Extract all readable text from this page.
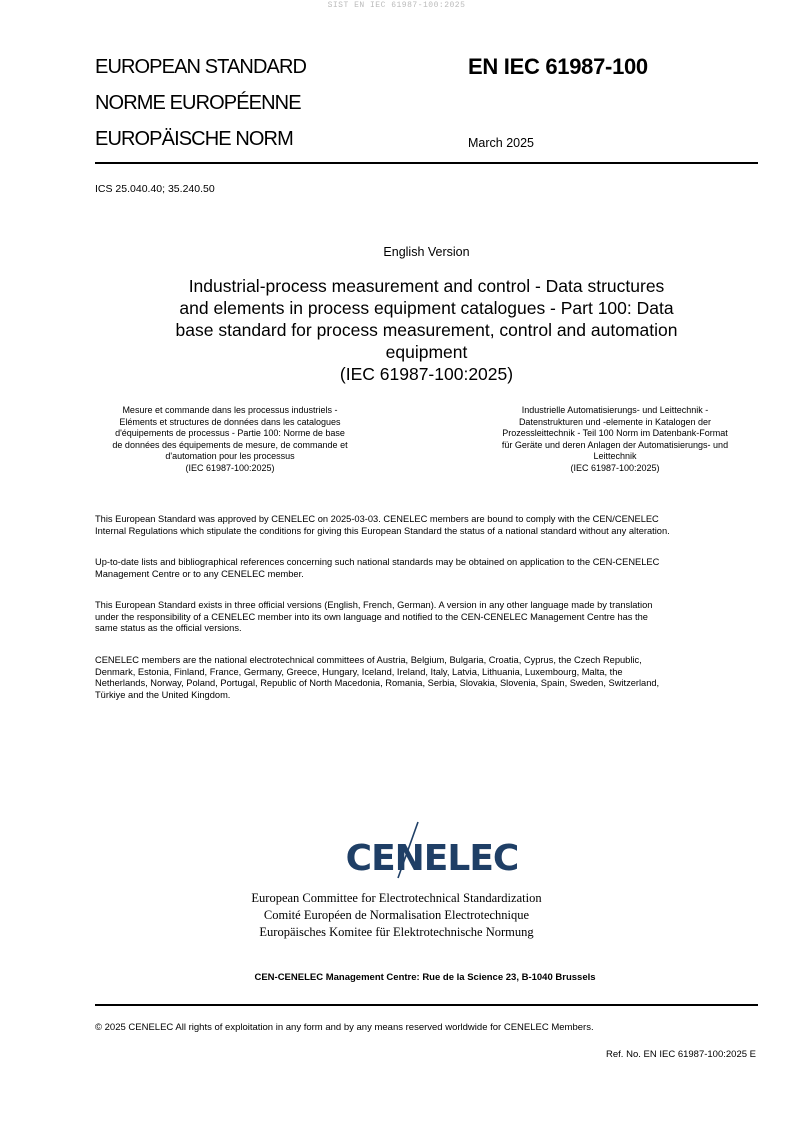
SIST EN IEC 61987-100:2025
EUROPEAN STANDARD
NORME EUROPÉENNE
EUROPÄISCHE NORM
EN IEC 61987-100
March 2025
ICS 25.040.40; 35.240.50
English Version
Industrial-process measurement and control - Data structures
and elements in process equipment catalogues - Part 100: Data
base standard for process measurement, control and automation
equipment
(IEC 61987-100:2025)
Mesure et commande dans les processus industriels -
Eléments et structures de données dans les catalogues
d'équipements de processus - Partie 100: Norme de base
de données des équipements de mesure, de commande et
d'automation pour les processus
(IEC 61987-100:2025)
Industrielle Automatisierungs- und Leittechnik -
Datenstrukturen und -elemente in Katalogen der
Prozessleittechnik - Teil 100 Norm im Datenbank-Format
für Geräte und deren Anlagen der Automatisierungs- und
Leittechnik
(IEC 61987-100:2025)
This European Standard was approved by CENELEC on 2025-03-03. CENELEC members are bound to comply with the CEN/CENELEC
Internal Regulations which stipulate the conditions for giving this European Standard the status of a national standard without any alteration.
Up-to-date lists and bibliographical references concerning such national standards may be obtained on application to the CEN-CENELEC
Management Centre or to any CENELEC member.
This European Standard exists in three official versions (English, French, German). A version in any other language made by translation
under the responsibility of a CENELEC member into its own language and notified to the CEN-CENELEC Management Centre has the
same status as the official versions.
CENELEC members are the national electrotechnical committees of Austria, Belgium, Bulgaria, Croatia, Cyprus, the Czech Republic,
Denmark, Estonia, Finland, France, Germany, Greece, Hungary, Iceland, Ireland, Italy, Latvia, Lithuania, Luxembourg, Malta, the
Netherlands, Norway, Poland, Portugal, Republic of North Macedonia, Romania, Serbia, Slovakia, Slovenia, Spain, Sweden, Switzerland,
Türkiye and the United Kingdom.
CENELEC
European Committee for Electrotechnical Standardization
Comité Européen de Normalisation Electrotechnique
Europäisches Komitee für Elektrotechnische Normung
CEN-CENELEC Management Centre: Rue de la Science 23, B-1040 Brussels
© 2025 CENELEC All rights of exploitation in any form and by any means reserved worldwide for CENELEC Members.
Ref. No. EN IEC 61987-100:2025 E
